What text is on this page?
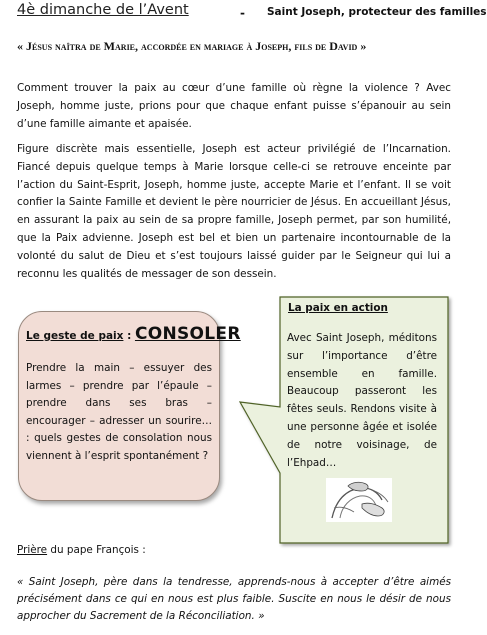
4è dimanche de l’Avent	- Saint Joseph, protecteur des familles
« Jésus naîtra de Marie, accordée en mariage à Joseph, fils de David »
Comment trouver la paix au cœur d’une famille où règne la violence ? Avec Joseph, homme juste, prions pour que chaque enfant puisse s’épanouir au sein d’une famille aimante et apaisée.
Figure discrète mais essentielle, Joseph est acteur privilégié de l’Incarnation. Fiancé depuis quelque temps à Marie lorsque celle-ci se retrouve enceinte par l’action du Saint-Esprit, Joseph, homme juste, accepte Marie et l’enfant. Il se voit confier la Sainte Famille et devient le père nourricier de Jésus. En accueillant Jésus, en assurant la paix au sein de sa propre famille, Joseph permet, par son humilité, que la Paix advienne. Joseph est bel et bien un partenaire incontournable de la volonté du salut de Dieu et s’est toujours laissé guider par le Seigneur qui lui a reconnu les qualités de messager de son dessein.
Le geste de paix : CONSOLER
Prendre la main – essuyer des larmes – prendre par l’épaule – prendre dans ses bras – encourager – adresser un sourire… : quels gestes de consolation nous viennent à l’esprit spontanément ?
La paix en action
Avec Saint Joseph, méditons sur l’importance d’être ensemble en famille. Beaucoup passeront les fêtes seuls. Rendons visite à une personne âgée et isolée de notre voisinage, de l’Ehpad…
Prière du pape François :
« Saint Joseph, père dans la tendresse, apprends-nous à accepter d’être aimés précisément dans ce qui en nous est plus faible. Suscite en nous le désir de nous approcher du Sacrement de la Réconciliation. »
